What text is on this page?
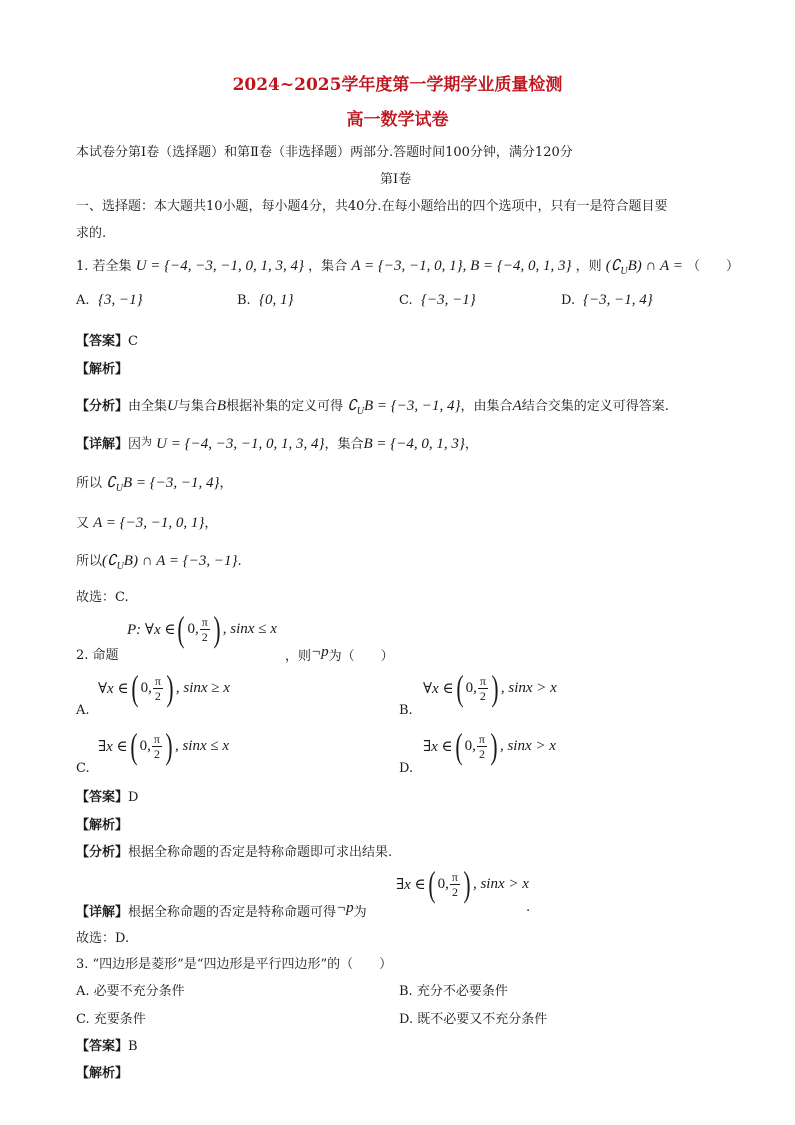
2024~2025学年度第一学期学业质量检测
高一数学试卷
本试卷分第Ⅰ卷（选择题）和第Ⅱ卷（非选择题）两部分.答题时间100分钟，满分120分
第Ⅰ卷
一、选择题：本大题共10小题，每小题4分，共40分.在每小题给出的四个选项中，只有一是符合题目要
求的.
1. 若全集 U = {−4, −3, −1, 0, 1, 3, 4} ，集合 A = {−3, −1, 0, 1}, B = {−4, 0, 1, 3} ，则 $(∁_UB)$ ∩ A = （　　）
A. {3, −1}	B. {0, 1}	C. {−3, −1}	D. {−3, −1, 4}
【答案】C
【解析】
【分析】由全集U与集合B根据补集的定义可得 $∁_UB = \{-3$, −1, 4}，由集合A结合交集的定义可得答案.
【详解】因$^为$ U = {−4, −3, −1, 0, 1, 3, 4}，集合B = {−4, 0, 1, 3}，
所以 $∁_UB = \{-3$, −1, 4}，
又 A = {−3, −1, 0, 1}，
所以$(∁_UB)$ ∩ A = {−3, −1}.
故选：C.
P: ∀x ∈ ( 0, $\frac{\pi}{2}$ ) , sinx ≤ x
2. 命题	，则¬p为（　　）
∀x ∈ ( 0, $\frac{\pi}{2}$ ) , sinx ≥ x
A.
∀x ∈ ( 0, $\frac{\pi}{2}$ ) , sinx > x
B.
∃x ∈ ( 0, $\frac{\pi}{2}$ ) , sinx ≤ x
C.
∃x ∈ ( 0, $\frac{\pi}{2}$ ) , sinx > x
D.
【答案】D
【解析】
【分析】根据全称命题的否定是特称命题即可求出结果.
∃x ∈ ( 0, $\frac{\pi}{2}$ ) , sinx > x
【详解】根据全称命题的否定是特称命题可得¬p为	.
故选：D.
3. “四边形是菱形”是“四边形是平行四边形”的（　　）
A. 必要不充分条件	B. 充分不必要条件
C. 充要条件	D. 既不必要又不充分条件
【答案】B
【解析】
